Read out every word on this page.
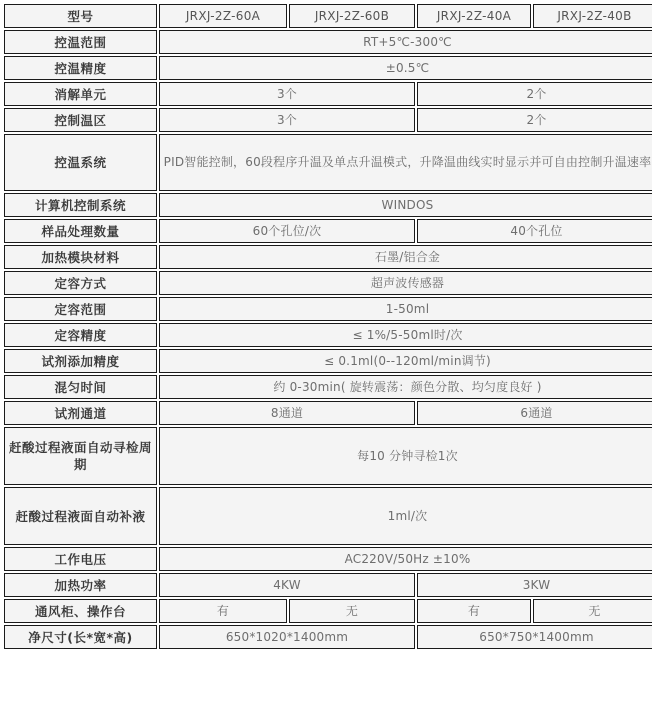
型号	JRXJ-2Z-60A	JRXJ-2Z-60B	JRXJ-2Z-40A	JRXJ-2Z-40B
控温范围	RT+5℃-300℃			
控温精度	±0.5℃			
消解单元	3个		2个	
控制温区	3个		2个	
控温系统	PID智能控制，60段程序升温及单点升温模式，升降温曲线实时显示并可自由控制升温速率			
计算机控制系统	WINDOS			
样品处理数量	60个孔位/次		40个孔位	
加热模块材料	石墨/铝合金			
定容方式	超声波传感器			
定容范围	1-50ml			
定容精度	≤ 1%/5-50ml时/次			
试剂添加精度	≤ 0.1ml(0--120ml/min调节)			
混匀时间	约 0-30min( 旋转震荡：颜色分散、均匀度良好 )			
试剂通道	8通道		6通道	
赶酸过程液面自动寻检周期	每10 分钟寻检1次			
赶酸过程液面自动补液	1ml/次			
工作电压	AC220V/50Hz ±10%			
加热功率	4KW		3KW	
通风柜、操作台	有	无	有	无
净尺寸(长*宽*高)	650*1020*1400mm		650*750*1400mm	
